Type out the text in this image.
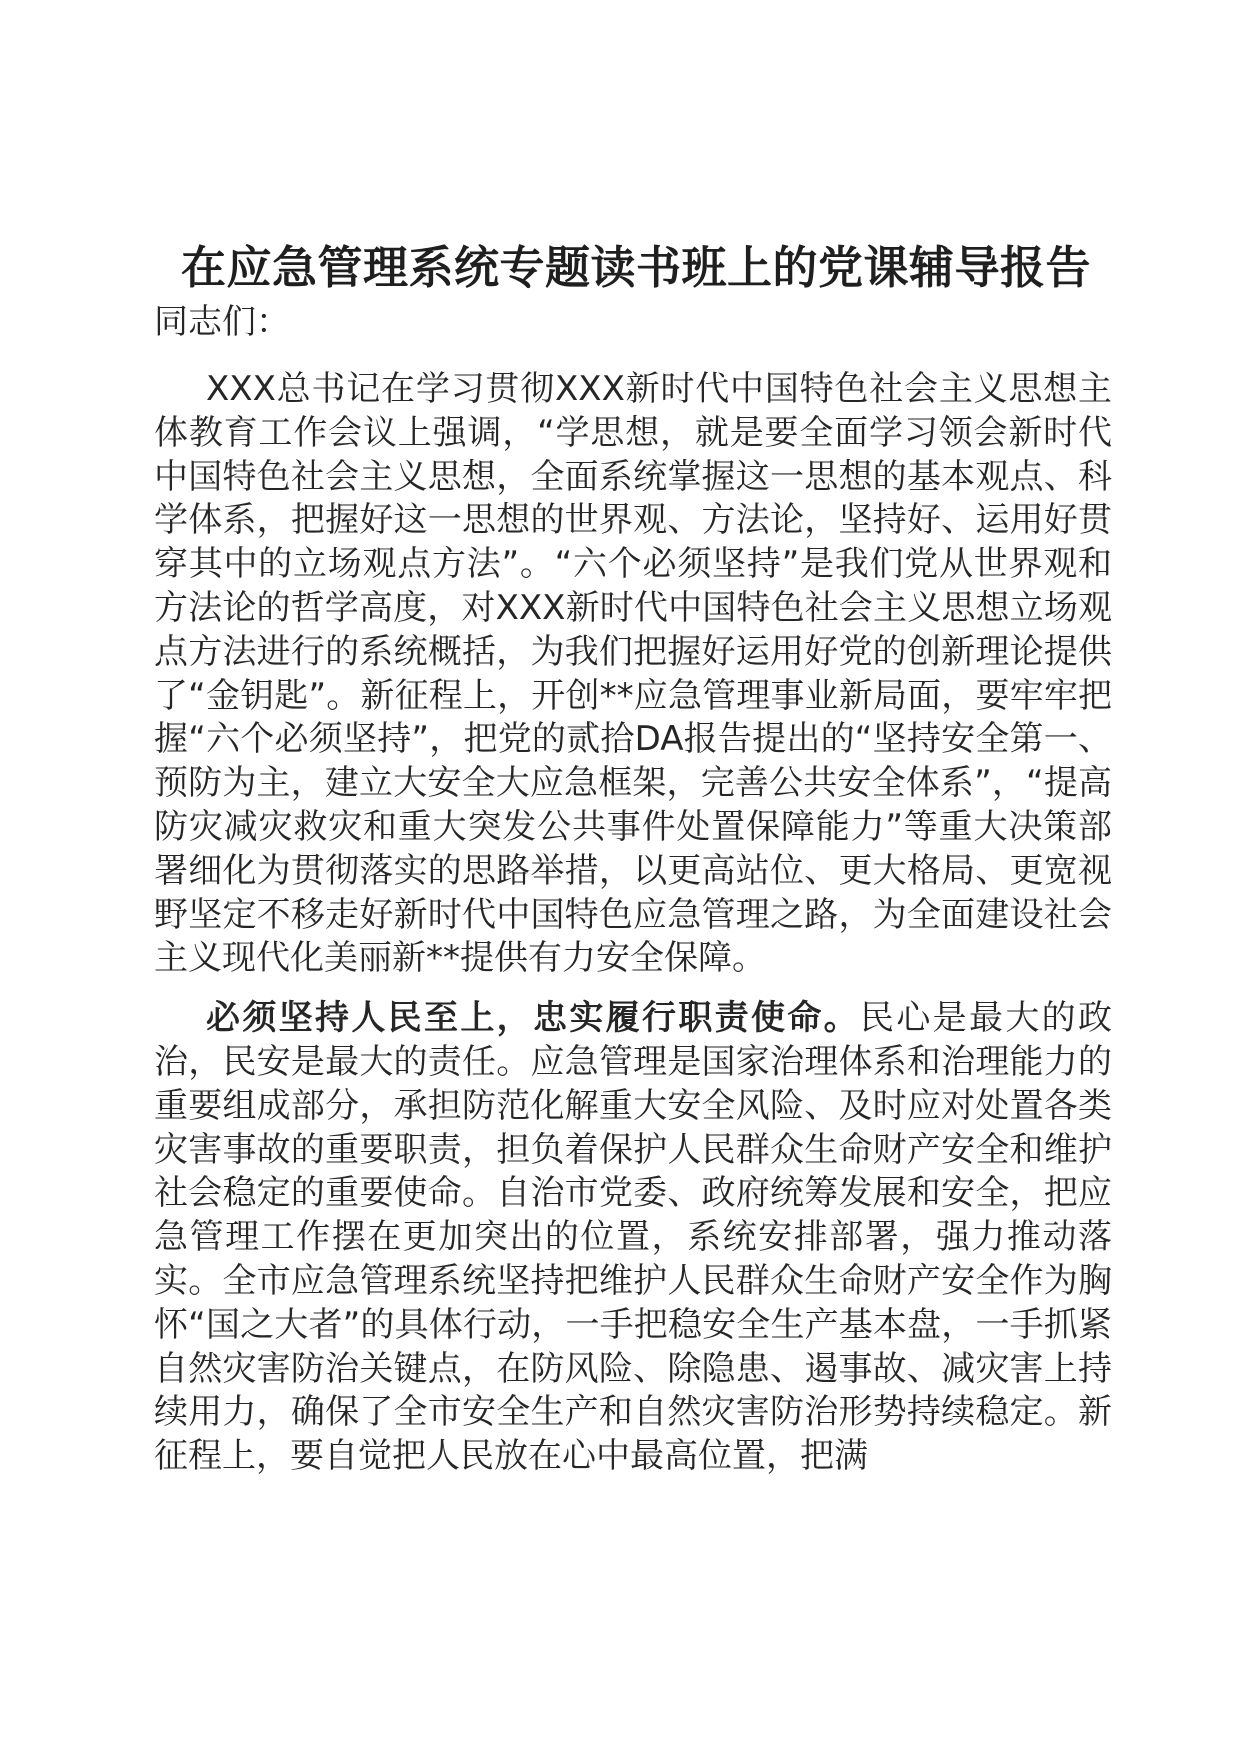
在应急管理系统专题读书班上的党课辅导报告

同志们：

XXX总书记在学习贯彻XXX新时代中国特色社会主义思想主体教育工作会议上强调，“学思想，就是要全面学习领会新时代中国特色社会主义思想，全面系统掌握这一思想的基本观点、科学体系，把握好这一思想的世界观、方法论，坚持好、运用好贯穿其中的立场观点方法”。“六个必须坚持”是我们党从世界观和方法论的哲学高度，对XXX新时代中国特色社会主义思想立场观点方法进行的系统概括，为我们把握好运用好党的创新理论提供了“金钥匙”。新征程上，开创**应急管理事业新局面，要牢牢把握“六个必须坚持”，把党的贰拾DA报告提出的“坚持安全第一、预防为主，建立大安全大应急框架，完善公共安全体系”，“提高防灾减灾救灾和重大突发公共事件处置保障能力”等重大决策部署细化为贯彻落实的思路举措，以更高站位、更大格局、更宽视野坚定不移走好新时代中国特色应急管理之路，为全面建设社会主义现代化美丽新**提供有力安全保障。

必须坚持人民至上，忠实履行职责使命。民心是最大的政治，民安是最大的责任。应急管理是国家治理体系和治理能力的重要组成部分，承担防范化解重大安全风险、及时应对处置各类灾害事故的重要职责，担负着保护人民群众生命财产安全和维护社会稳定的重要使命。自治市党委、政府统筹发展和安全，把应急管理工作摆在更加突出的位置，系统安排部署，强力推动落实。全市应急管理系统坚持把维护人民群众生命财产安全作为胸怀“国之大者”的具体行动，一手把稳安全生产基本盘，一手抓紧自然灾害防治关键点，在防风险、除隐患、遏事故、减灾害上持续用力，确保了全市安全生产和自然灾害防治形势持续稳定。新征程上，要自觉把人民放在心中最高位置，把满
